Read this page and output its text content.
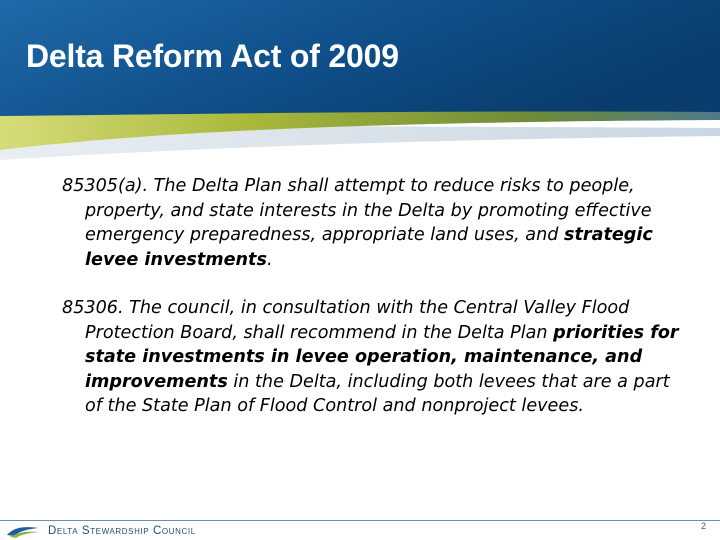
Delta Reform Act of 2009

85305(a). The Delta Plan shall attempt to reduce risks to people, property, and state interests in the Delta by promoting effective emergency preparedness, appropriate land uses, and strategic levee investments.

85306. The council, in consultation with the Central Valley Flood Protection Board, shall recommend in the Delta Plan priorities for state investments in levee operation, maintenance, and improvements in the Delta, including both levees that are a part of the State Plan of Flood Control and nonproject levees.

Delta Stewardship Council	2
